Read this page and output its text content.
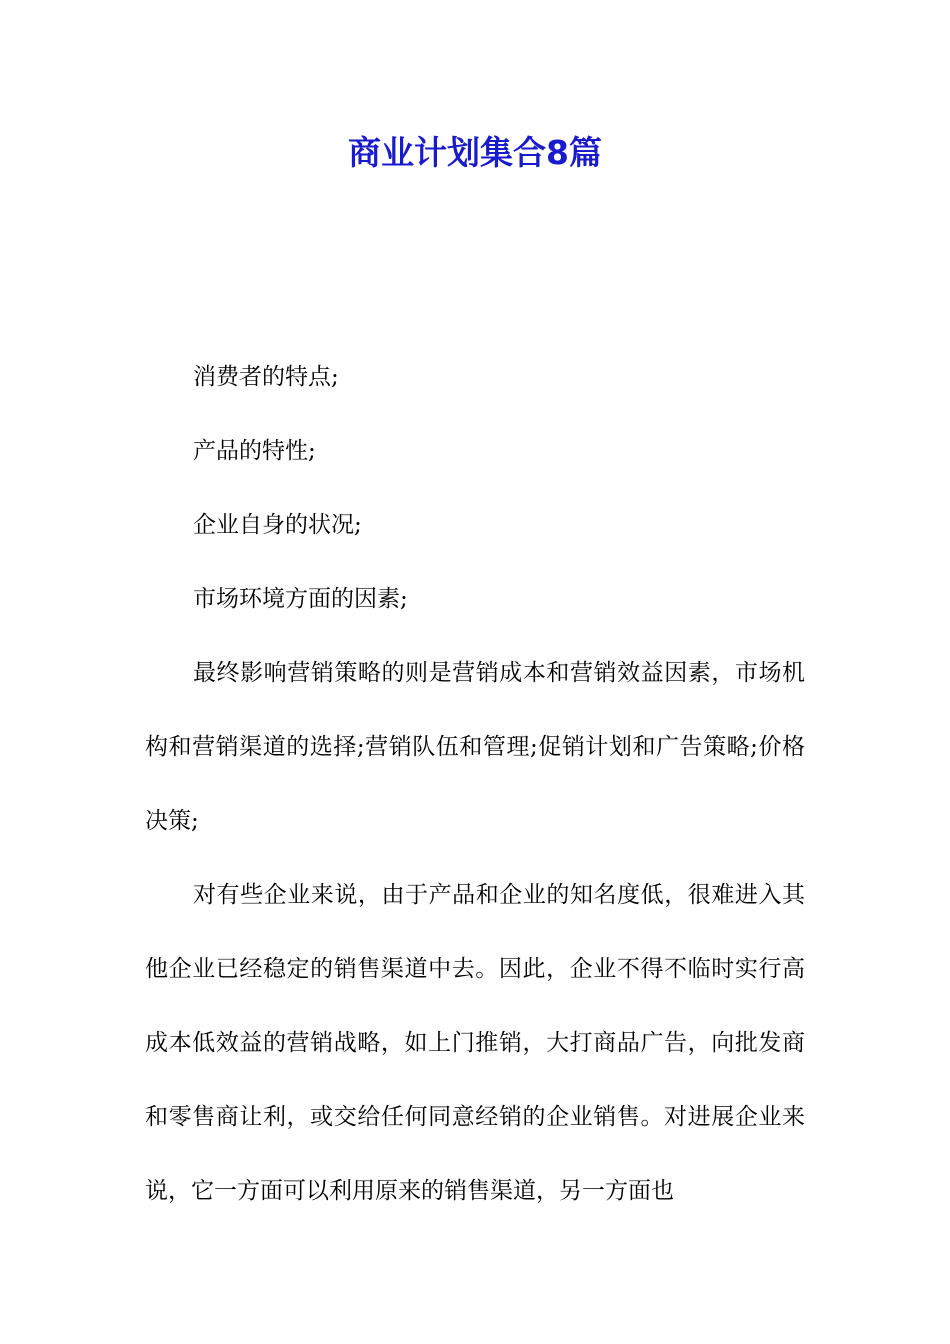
商业计划集合8篇

消费者的特点;

产品的特性;

企业自身的状况;

市场环境方面的因素;

最终影响营销策略的则是营销成本和营销效益因素，市场机构和营销渠道的选择;营销队伍和管理;促销计划和广告策略;价格决策;

对有些企业来说，由于产品和企业的知名度低，很难进入其他企业已经稳定的销售渠道中去。因此，企业不得不临时实行高成本低效益的营销战略，如上门推销，大打商品广告，向批发商和零售商让利，或交给任何同意经销的企业销售。对进展企业来说，它一方面可以利用原来的销售渠道，另一方面也
